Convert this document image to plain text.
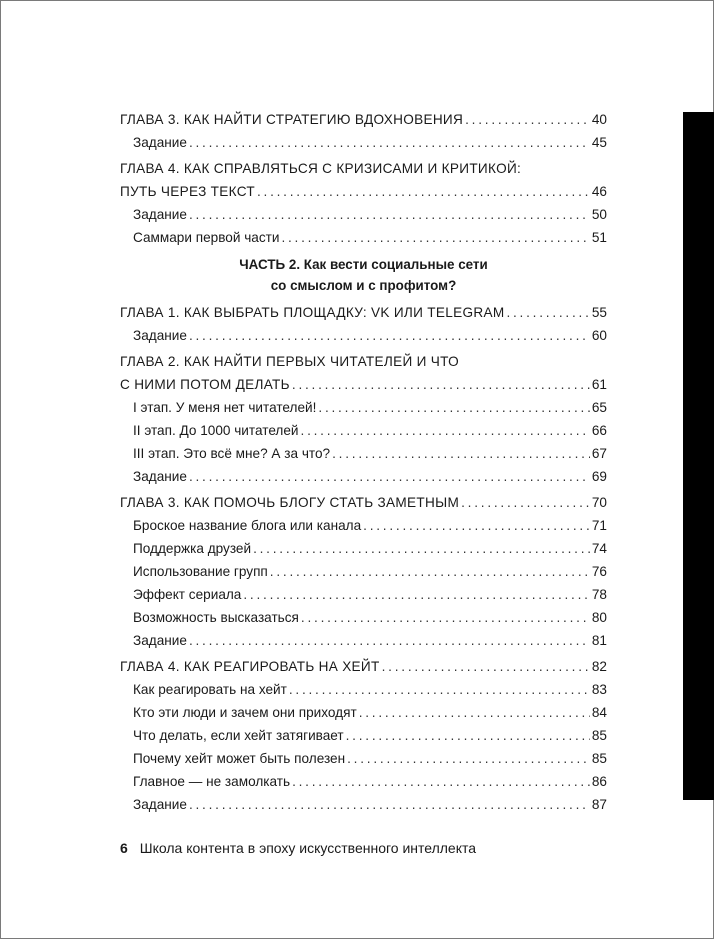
ГЛАВА 3. КАК НАЙТИ СТРАТЕГИЮ ВДОХНОВЕНИЯ . . .	40
Задание . . .	45
ГЛАВА 4. КАК СПРАВЛЯТЬСЯ С КРИЗИСАМИ И КРИТИКОЙ:
ПУТЬ ЧЕРЕЗ ТЕКСТ . . .	46
Задание . . .	50
Саммари первой части . . .	51
ЧАСТЬ 2. Как вести социальные сети
со смыслом и с профитом?
ГЛАВА 1. КАК ВЫБРАТЬ ПЛОЩАДКУ: VK ИЛИ TELEGRAM . . .	55
Задание . . .	60
ГЛАВА 2. КАК НАЙТИ ПЕРВЫХ ЧИТАТЕЛЕЙ И ЧТО
С НИМИ ПОТОМ ДЕЛАТЬ . . .	61
I этап. У меня нет читателей! . . .	65
II этап. До 1000 читателей . . .	66
III этап. Это всё мне? А за что? . . .	67
Задание . . .	69
ГЛАВА 3. КАК ПОМОЧЬ БЛОГУ СТАТЬ ЗАМЕТНЫМ . . .	70
Броское название блога или канала . . .	71
Поддержка друзей . . .	74
Использование групп . . .	76
Эффект сериала . . .	78
Возможность высказаться . . .	80
Задание . . .	81
ГЛАВА 4. КАК РЕАГИРОВАТЬ НА ХЕЙТ . . .	82
Как реагировать на хейт . . .	83
Кто эти люди и зачем они приходят . . .	84
Что делать, если хейт затягивает . . .	85
Почему хейт может быть полезен . . .	85
Главное — не замолкать . . .	86
Задание . . .	87
6 Школа контента в эпоху искусственного интеллекта
